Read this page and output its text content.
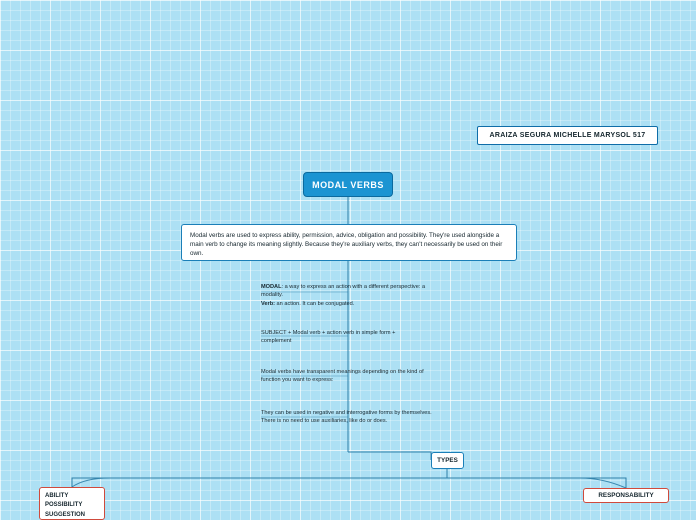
ARAIZA SEGURA MICHELLE MARYSOL 517
MODAL VERBS
Modal verbs are used to express ability, permission, advice, obligation and possibility. They're used alongside a main verb to change its meaning slightly. Because they're auxiliary verbs, they can't necessarily be used on their own.
MODAL: a way to express an action with a different perspective: a modality.
Verb: an action. It can be conjugated.
SUBJECT + Modal verb + action verb in simple form + complement
Modal verbs have transparent meanings depending on the kind of function you want to express:
They can be used in negative and interrogative forms by themselves. There is no need to use auxiliaries, like do or does.
TYPES
ABILITY
POSSIBILITY
SUGGESTION
RESPONSABILITY
